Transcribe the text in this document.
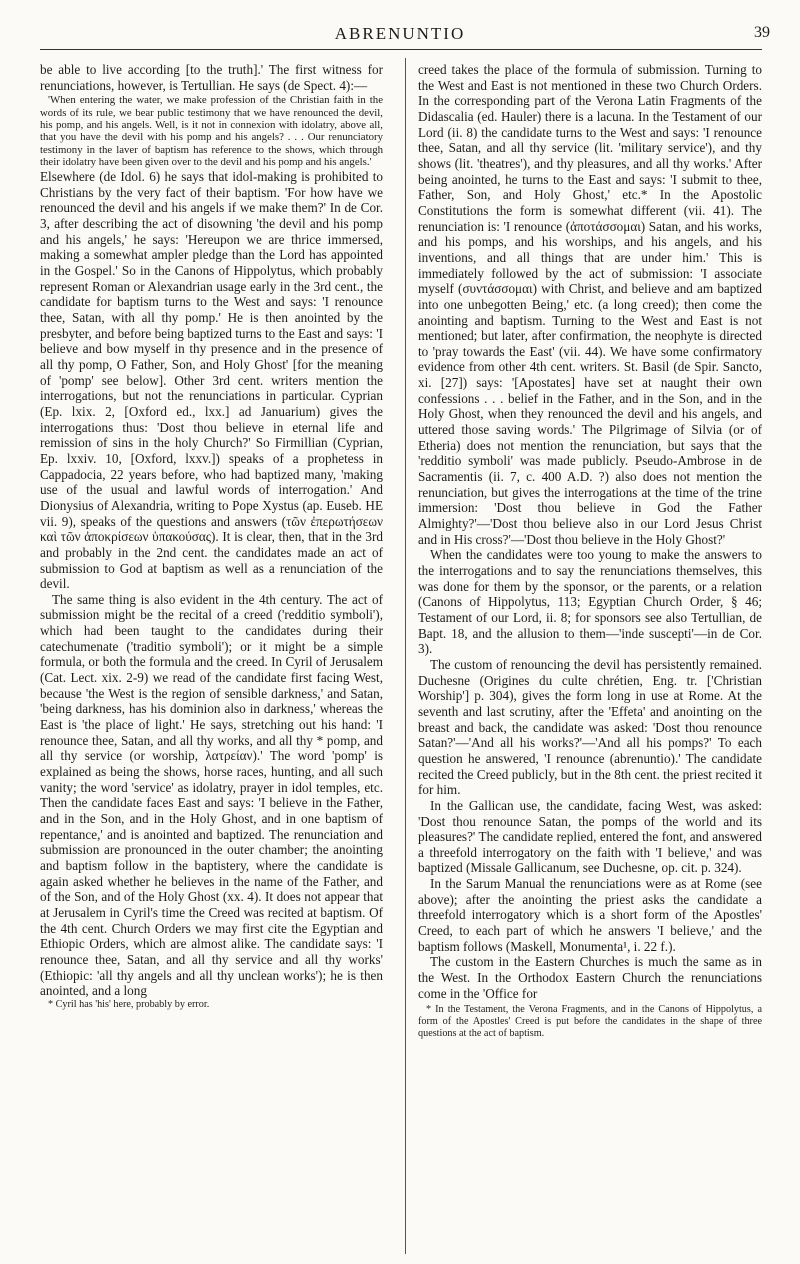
ABRENUNTIO	39

be able to live according [to the truth].' The first witness for renunciations, however, is Tertullian. He says (de Spect. 4):—

'When entering the water, we make profession of the Christian faith in the words of its rule, we bear public testimony that we have renounced the devil, his pomp, and his angels. Well, is it not in connexion with idolatry, above all, that you have the devil with his pomp and his angels? . . . Our renunciatory testimony in the laver of baptism has reference to the shows, which through their idolatry have been given over to the devil and his pomp and his angels.'

Elsewhere (de Idol. 6) he says that idol-making is prohibited to Christians by the very fact of their baptism. 'For how have we renounced the devil and his angels if we make them?' In de Cor. 3, after describing the act of disowning 'the devil and his pomp and his angels,' he says: 'Hereupon we are thrice immersed, making a somewhat ampler pledge than the Lord has appointed in the Gospel.' So in the Canons of Hippolytus, which probably represent Roman or Alexandrian usage early in the 3rd cent., the candidate for baptism turns to the West and says: 'I renounce thee, Satan, with all thy pomp.' He is then anointed by the presbyter, and before being baptized turns to the East and says: 'I believe and bow myself in thy presence and in the presence of all thy pomp, O Father, Son, and Holy Ghost' [for the meaning of 'pomp' see below]. Other 3rd cent. writers mention the interrogations, but not the renunciations in particular. Cyprian (Ep. lxix. 2, [Oxford ed., lxx.] ad Januarium) gives the interrogations thus: 'Dost thou believe in eternal life and remission of sins in the holy Church?' So Firmillian (Cyprian, Ep. lxxiv. 10, [Oxford, lxxv.]) speaks of a prophetess in Cappadocia, 22 years before, who had baptized many, 'making use of the usual and lawful words of interrogation.' And Dionysius of Alexandria, writing to Pope Xystus (ap. Euseb. HE vii. 9), speaks of the questions and answers (τῶν ἐπερωτήσεων καὶ τῶν ἀποκρίσεων ὑπακούσας). It is clear, then, that in the 3rd and probably in the 2nd cent. the candidates made an act of submission to God at baptism as well as a renunciation of the devil.

The same thing is also evident in the 4th century. The act of submission might be the recital of a creed ('redditio symboli'), which had been taught to the candidates during their catechumenate ('traditio symboli'); or it might be a simple formula, or both the formula and the creed. In Cyril of Jerusalem (Cat. Lect. xix. 2-9) we read of the candidate first facing West, because 'the West is the region of sensible darkness,' and Satan, 'being darkness, has his dominion also in darkness,' whereas the East is 'the place of light.' He says, stretching out his hand: 'I renounce thee, Satan, and all thy works, and all thy * pomp, and all thy service (or worship, λατρείαν).' The word 'pomp' is explained as being the shows, horse races, hunting, and all such vanity; the word 'service' as idolatry, prayer in idol temples, etc. Then the candidate faces East and says: 'I believe in the Father, and in the Son, and in the Holy Ghost, and in one baptism of repentance,' and is anointed and baptized. The renunciation and submission are pronounced in the outer chamber; the anointing and baptism follow in the baptistery, where the candidate is again asked whether he believes in the name of the Father, and of the Son, and of the Holy Ghost (xx. 4). It does not appear that at Jerusalem in Cyril's time the Creed was recited at baptism. Of the 4th cent. Church Orders we may first cite the Egyptian and Ethiopic Orders, which are almost alike. The candidate says: 'I renounce thee, Satan, and all thy service and all thy works' (Ethiopic: 'all thy angels and all thy unclean works'); he is then anointed, and a long

* Cyril has 'his' here, probably by error.

creed takes the place of the formula of submission. Turning to the West and East is not mentioned in these two Church Orders. In the corresponding part of the Verona Latin Fragments of the Didascalia (ed. Hauler) there is a lacuna. In the Testament of our Lord (ii. 8) the candidate turns to the West and says: 'I renounce thee, Satan, and all thy service (lit. 'military service'), and thy shows (lit. 'theatres'), and thy pleasures, and all thy works.' After being anointed, he turns to the East and says: 'I submit to thee, Father, Son, and Holy Ghost,' etc.* In the Apostolic Constitutions the form is somewhat different (vii. 41). The renunciation is: 'I renounce (ἀποτάσσομαι) Satan, and his works, and his pomps, and his worships, and his angels, and his inventions, and all things that are under him.' This is immediately followed by the act of submission: 'I associate myself (συντάσσομαι) with Christ, and believe and am baptized into one unbegotten Being,' etc. (a long creed); then come the anointing and baptism. Turning to the West and East is not mentioned; but later, after confirmation, the neophyte is directed to 'pray towards the East' (vii. 44). We have some confirmatory evidence from other 4th cent. writers. St. Basil (de Spir. Sancto, xi. [27]) says: '[Apostates] have set at naught their own confessions . . . belief in the Father, and in the Son, and in the Holy Ghost, when they renounced the devil and his angels, and uttered those saving words.' The Pilgrimage of Silvia (or of Etheria) does not mention the renunciation, but says that the 'redditio symboli' was made publicly. Pseudo-Ambrose in de Sacramentis (ii. 7, c. 400 A.D. ?) also does not mention the renunciation, but gives the interrogations at the time of the trine immersion: 'Dost thou believe in God the Father Almighty?'—'Dost thou believe also in our Lord Jesus Christ and in His cross?'—'Dost thou believe in the Holy Ghost?'

When the candidates were too young to make the answers to the interrogations and to say the renunciations themselves, this was done for them by the sponsor, or the parents, or a relation (Canons of Hippolytus, 113; Egyptian Church Order, § 46; Testament of our Lord, ii. 8; for sponsors see also Tertullian, de Bapt. 18, and the allusion to them—'inde suscepti'—in de Cor. 3).

The custom of renouncing the devil has persistently remained. Duchesne (Origines du culte chrétien, Eng. tr. ['Christian Worship'] p. 304), gives the form long in use at Rome. At the seventh and last scrutiny, after the 'Effeta' and anointing on the breast and back, the candidate was asked: 'Dost thou renounce Satan?'—'And all his works?'—'And all his pomps?' To each question he answered, 'I renounce (abrenuntio).' The candidate recited the Creed publicly, but in the 8th cent. the priest recited it for him.

In the Gallican use, the candidate, facing West, was asked: 'Dost thou renounce Satan, the pomps of the world and its pleasures?' The candidate replied, entered the font, and answered a threefold interrogatory on the faith with 'I believe,' and was baptized (Missale Gallicanum, see Duchesne, op. cit. p. 324).

In the Sarum Manual the renunciations were as at Rome (see above); after the anointing the priest asks the candidate a threefold interrogatory which is a short form of the Apostles' Creed, to each part of which he answers 'I believe,' and the baptism follows (Maskell, Monumenta¹, i. 22 f.).

The custom in the Eastern Churches is much the same as in the West. In the Orthodox Eastern Church the renunciations come in the 'Office for

* In the Testament, the Verona Fragments, and in the Canons of Hippolytus, a form of the Apostles' Creed is put before the candidates in the shape of three questions at the act of baptism.
